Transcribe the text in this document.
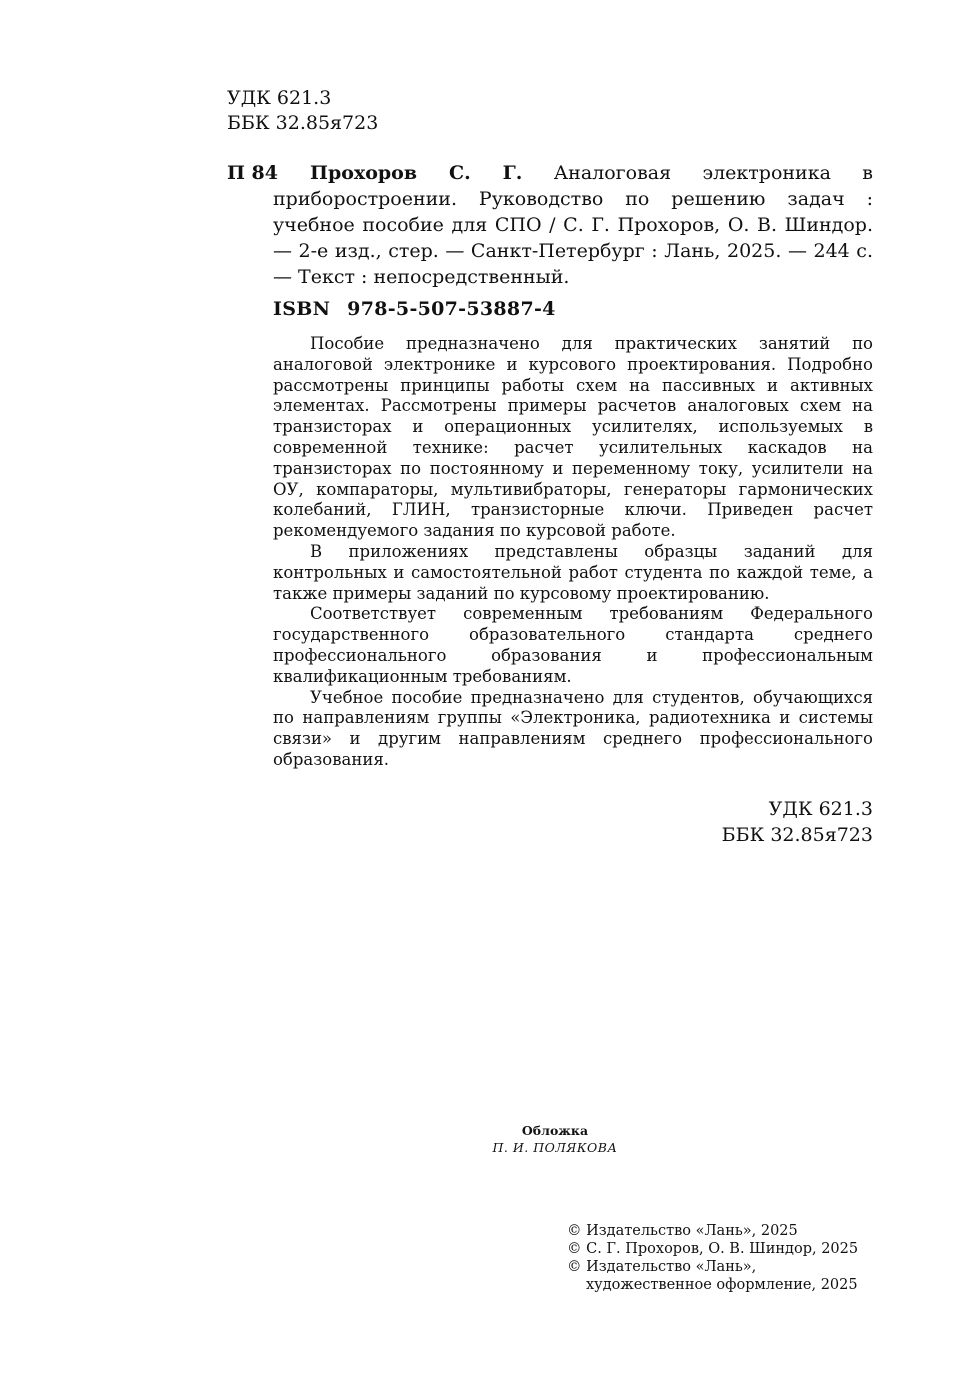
УДК 621.3
ББК 32.85я723
П 84	Прохоров С. Г. Аналоговая электроника в приборостроении. Руководство по решению задач : учебное пособие для СПО / С. Г. Прохоров, О. В. Шиндор. — 2-е изд., стер. — Санкт-Петербург : Лань, 2025. — 244 с. — Текст : непосредственный.
ISBN 978-5-507-53887-4

Пособие предназначено для практических занятий по аналоговой электронике и курсового проектирования. Подробно рассмотрены принципы работы схем на пассивных и активных элементах. Рассмотрены примеры расчетов аналоговых схем на транзисторах и операционных усилителях, используемых в современной технике: расчет усилительных каскадов на транзисторах по постоянному и переменному току, усилители на ОУ, компараторы, мультивибраторы, генераторы гармонических колебаний, ГЛИН, транзисторные ключи. Приведен расчет рекомендуемого задания по курсовой работе.

В приложениях представлены образцы заданий для контрольных и самостоятельной работ студента по каждой теме, а также примеры заданий по курсовому проектированию.

Соответствует современным требованиям Федерального государственного образовательного стандарта среднего профессионального образования и профессиональным квалификационным требованиям.

Учебное пособие предназначено для студентов, обучающихся по направлениям группы «Электроника, радиотехника и системы связи» и другим направлениям среднего профессионального образования.

УДК 621.3
ББК 32.85я723
Обложка
П. И. ПОЛЯКОВА
© Издательство «Лань», 2025
© С. Г. Прохоров, О. В. Шиндор, 2025
© Издательство «Лань»,
художественное оформление, 2025
